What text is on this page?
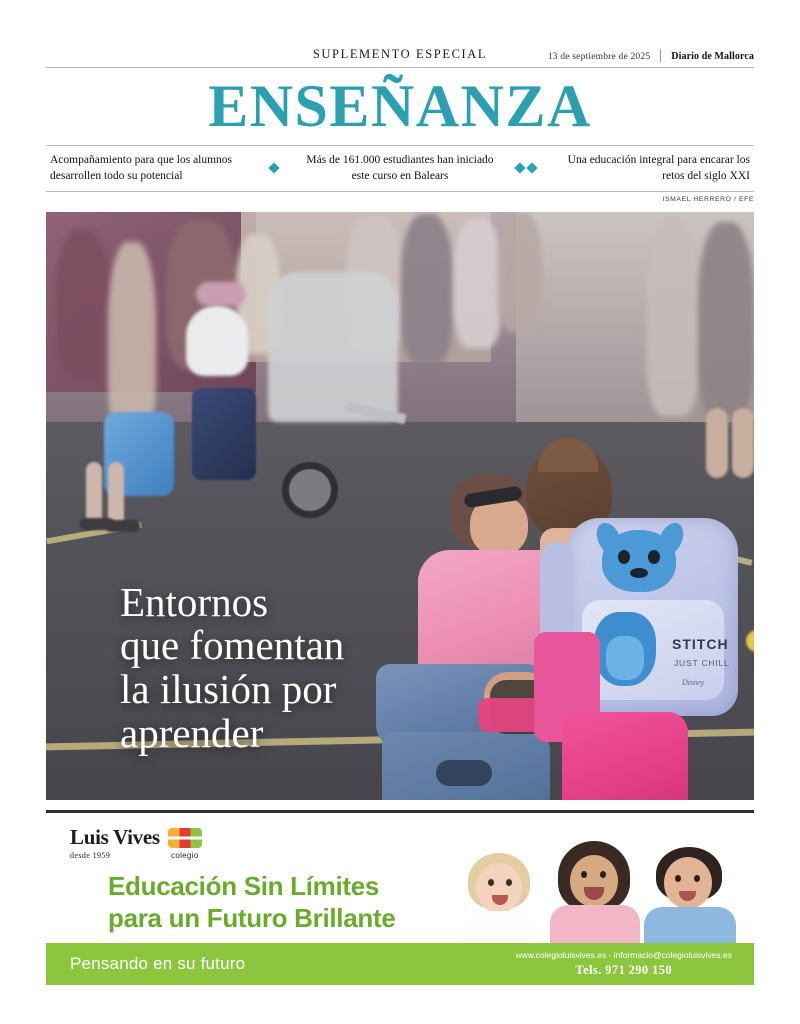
SUPLEMENTO ESPECIAL	13 de septiembre de 2025 Diario de Mallorca
ENSEÑANZA
Acompañamiento para que los alumnos desarrollen todo su potencial
Más de 161.000 estudiantes han iniciado este curso en Balears
Una educación integral para encarar los retos del siglo XXI
ISMAEL HERRERO / EFE
STITCH
JUST CHILL
Disney
Entornos
que fomentan
la ilusión por
aprender
Luis Vives
desde 1959	colegio
Educación Sin Límites
para un Futuro Brillante
Pensando en su futuro	www.colegioluisvives.es - informacio@colegioluisvives.es
Tels. 971 290 150
